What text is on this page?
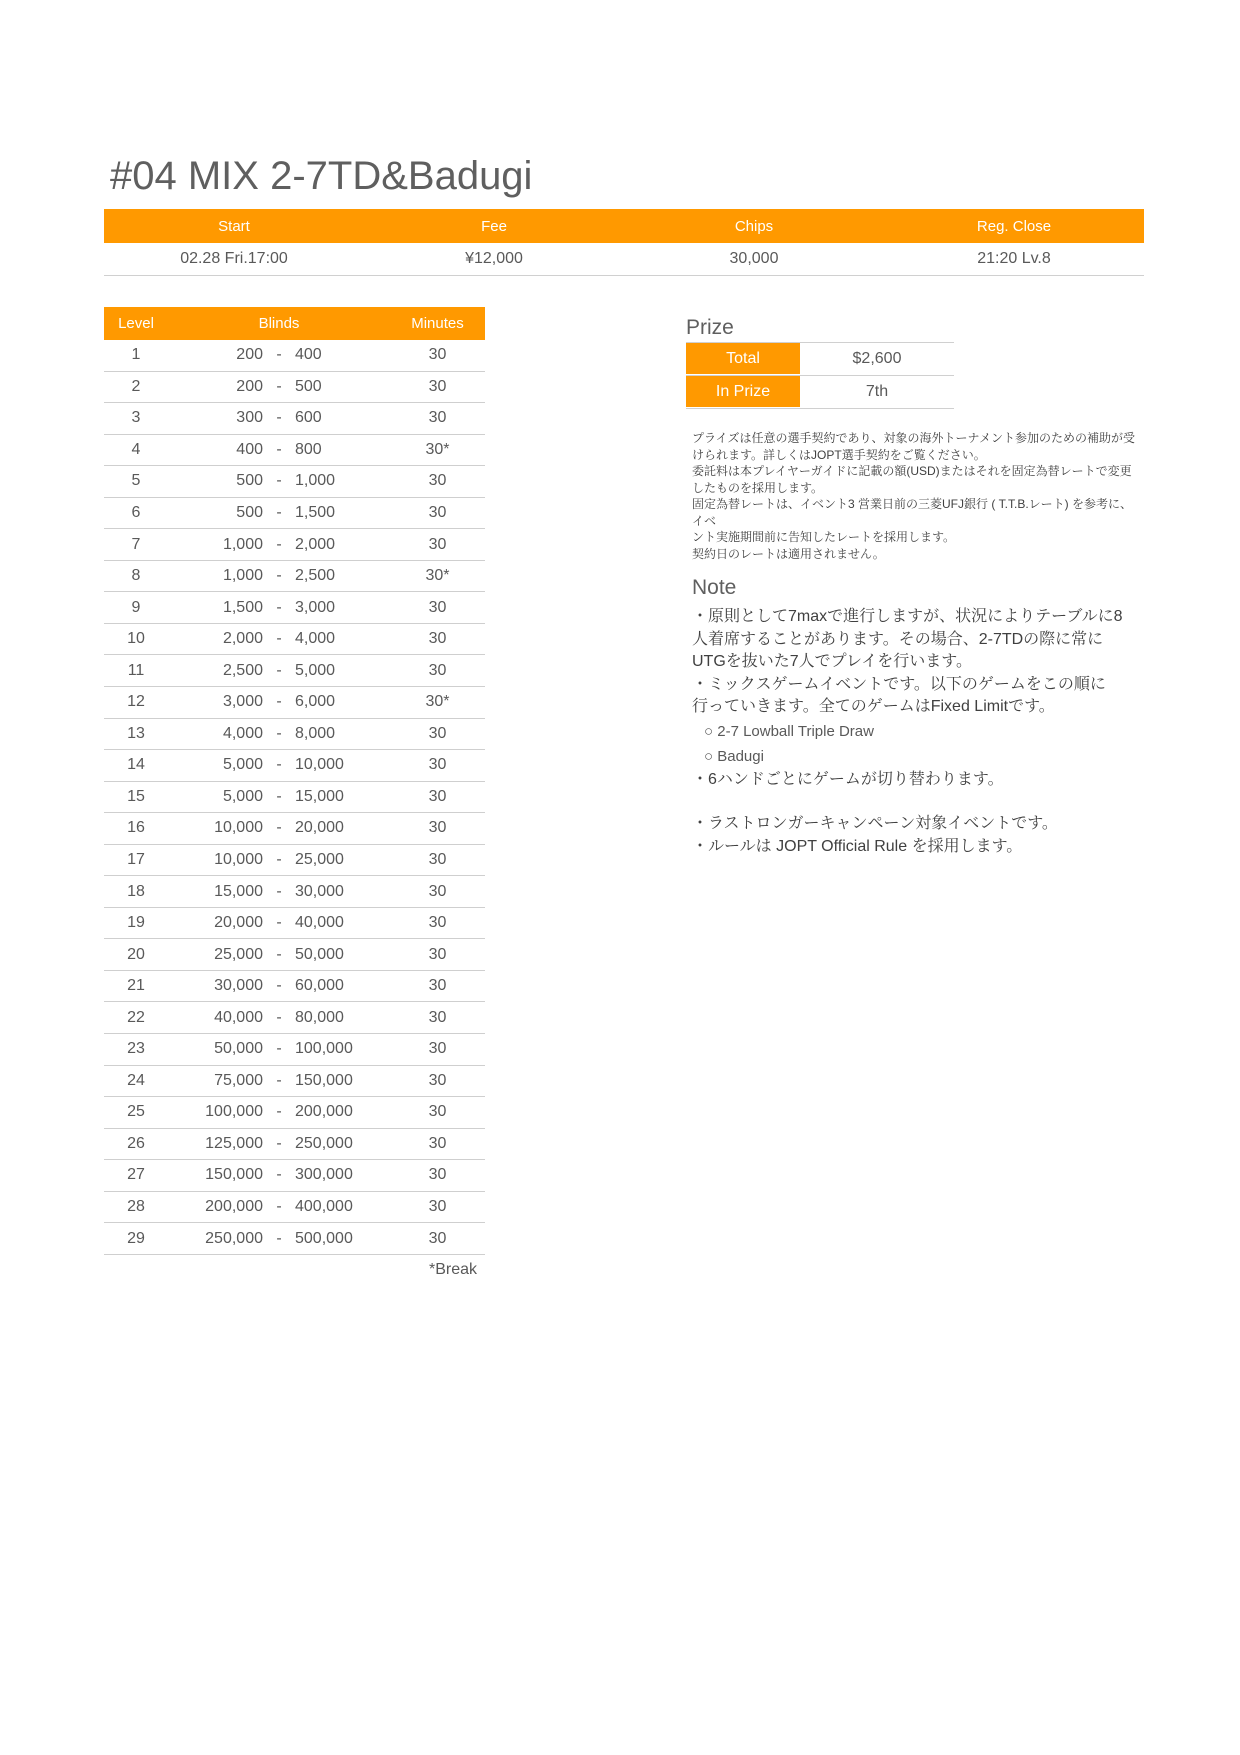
#04 MIX 2-7TD&Badugi
Start	Fee	Chips	Reg. Close
02.28 Fri.17:00	¥12,000	30,000	21:20 Lv.8
Level	Blinds	Minutes
1	200 - 400	30
2	200 - 500	30
3	300 - 600	30
4	400 - 800	30*
5	500 - 1,000	30
6	500 - 1,500	30
7	1,000 - 2,000	30
8	1,000 - 2,500	30*
9	1,500 - 3,000	30
10	2,000 - 4,000	30
11	2,500 - 5,000	30
12	3,000 - 6,000	30*
13	4,000 - 8,000	30
14	5,000 - 10,000	30
15	5,000 - 15,000	30
16	10,000 - 20,000	30
17	10,000 - 25,000	30
18	15,000 - 30,000	30
19	20,000 - 40,000	30
20	25,000 - 50,000	30
21	30,000 - 60,000	30
22	40,000 - 80,000	30
23	50,000 - 100,000	30
24	75,000 - 150,000	30
25	100,000 - 200,000	30
26	125,000 - 250,000	30
27	150,000 - 300,000	30
28	200,000 - 400,000	30
29	250,000 - 500,000	30
*Break
Prize
Total	$2,600
In Prize	7th

プライズは任意の選手契約であり、対象の海外トーナメント参加のための補助が受

けられます。詳しくはJOPT選手契約をご覧ください。

委託料は本プレイヤーガイドに記載の額(USD)またはそれを固定為替レートで変更

したものを採用します。

固定為替レートは、イベント3 営業日前の三菱UFJ銀行 ( T.T.B.レート) を参考に、イベ

ント実施期間前に告知したレートを採用します。

契約日のレートは適用されません。

Note

・原則として7maxで進行しますが、状況によりテーブルに8

人着席することがあります。その場合、2-7TDの際に常に

UTGを抜いた7人でプレイを行います。

・ミックスゲームイベントです。以下のゲームをこの順に

行っていきます。全てのゲームはFixed Limitです。

○ 2-7 Lowball Triple Draw

○ Badugi

・6ハンドごとにゲームが切り替わります。

・ラストロンガーキャンペーン対象イベントです。

・ルールは JOPT Official Rule を採用します。
